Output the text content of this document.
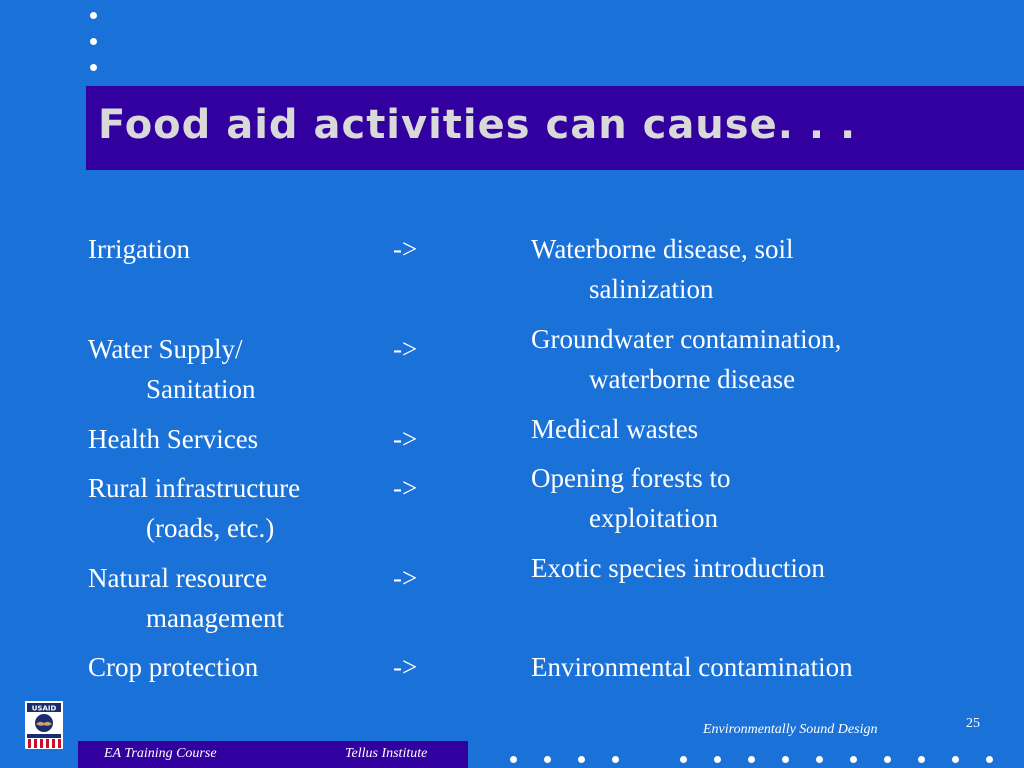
Food aid activities can cause. . .
Irrigation
Water Supply/
Sanitation
Health Services
Rural infrastructure
(roads, etc.)
Natural resource
management
Crop protection
->
->
->
->
->
->
Waterborne disease, soil
salinization
Groundwater contamination,
waterborne disease
Medical wastes
Opening forests to
exploitation
Exotic species introduction
Environmental contamination
USAID
EA Training Course	Tellus Institute
Environmentally Sound Design	25
